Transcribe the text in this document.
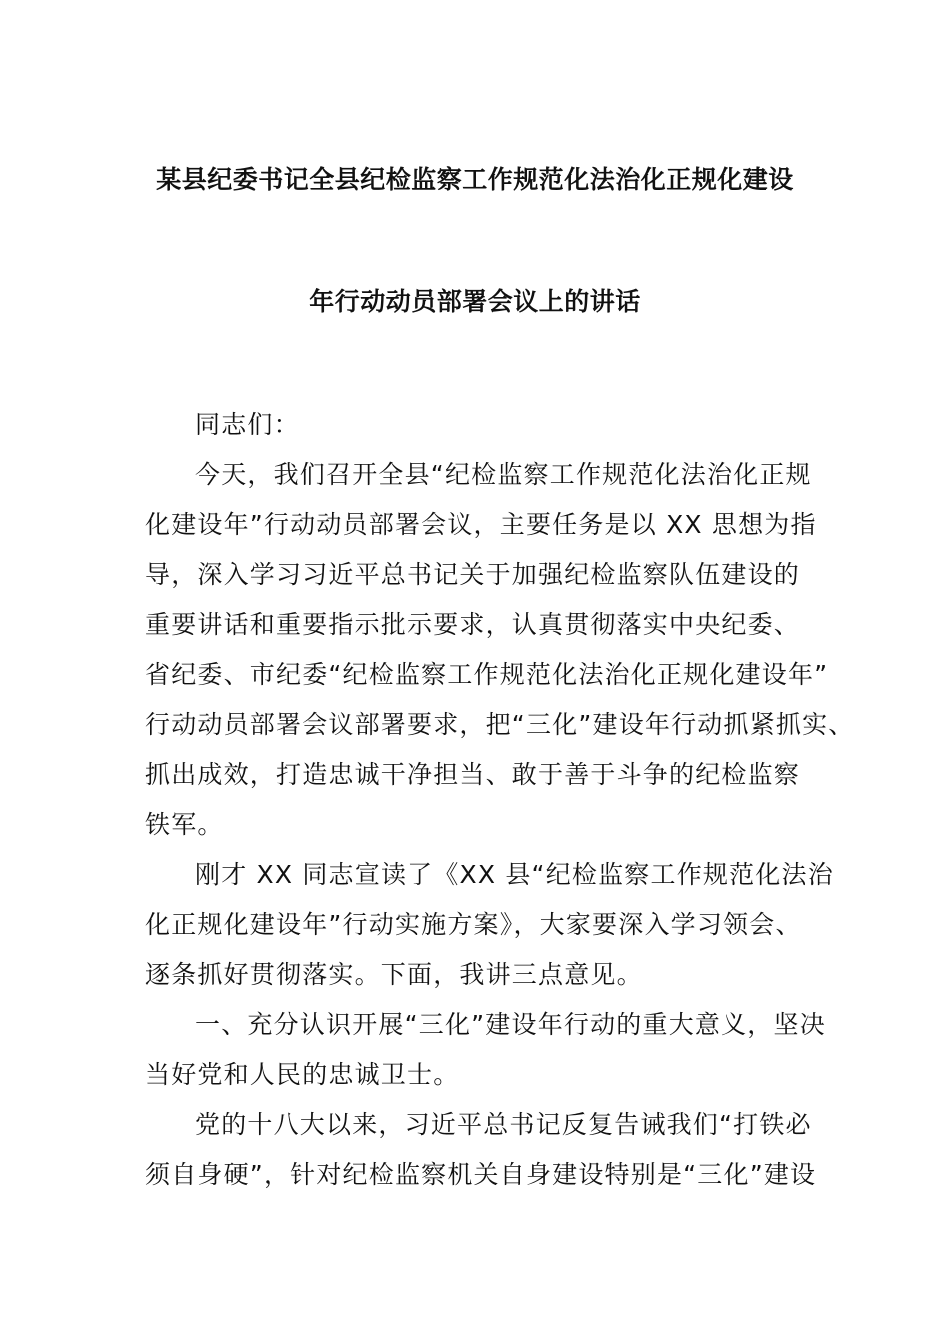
某县纪委书记全县纪检监察工作规范化法治化正规化建设
年行动动员部署会议上的讲话
同志们：
今天，我们召开全县“纪检监察工作规范化法治化正规
化建设年”行动动员部署会议，主要任务是以 XX 思想为指
导，深入学习习近平总书记关于加强纪检监察队伍建设的
重要讲话和重要指示批示要求，认真贯彻落实中央纪委、
省纪委、市纪委“纪检监察工作规范化法治化正规化建设年”
行动动员部署会议部署要求，把“三化”建设年行动抓紧抓实、
抓出成效，打造忠诚干净担当、敢于善于斗争的纪检监察
铁军。
刚才 XX 同志宣读了《XX 县“纪检监察工作规范化法治
化正规化建设年”行动实施方案》，大家要深入学习领会、
逐条抓好贯彻落实。下面，我讲三点意见。
一、充分认识开展“三化”建设年行动的重大意义，坚决
当好党和人民的忠诚卫士。
党的十八大以来，习近平总书记反复告诫我们“打铁必
须自身硬”，针对纪检监察机关自身建设特别是“三化”建设
